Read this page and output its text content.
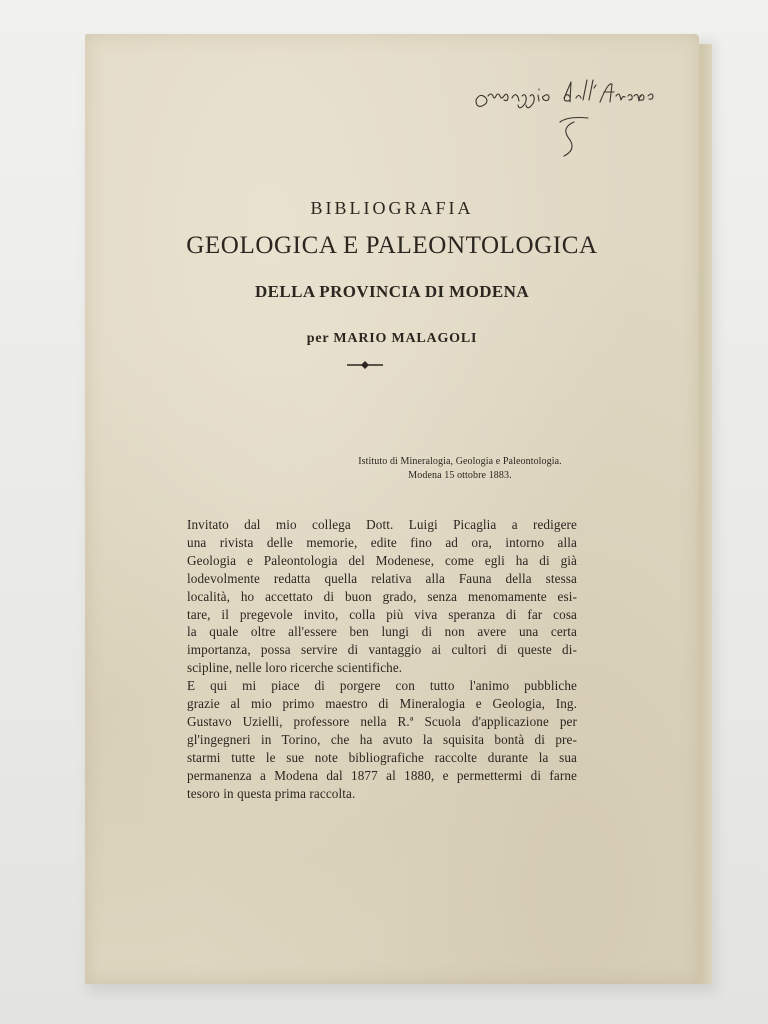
BIBLIOGRAFIA
GEOLOGICA E PALEONTOLOGICA
DELLA PROVINCIA DI MODENA
per MARIO MALAGOLI
Istituto di Mineralogia, Geologia e Paleontologia.
Modena 15 ottobre 1883.
Invitato dal mio collega Dott. Luigi Picaglia a redigere
una rivista delle memorie, edite fino ad ora, intorno alla
Geologia e Paleontologia del Modenese, come egli ha di già
lodevolmente redatta quella relativa alla Fauna della stessa
località, ho accettato di buon grado, senza menomamente esi-
tare, il pregevole invito, colla più viva speranza di far cosa
la quale oltre all'essere ben lungi di non avere una certa
importanza, possa servire di vantaggio ai cultori di queste di-
scipline, nelle loro ricerche scientifiche.
E qui mi piace di porgere con tutto l'animo pubbliche
grazie al mio primo maestro di Mineralogia e Geologia, Ing.
Gustavo Uzielli, professore nella R.ª Scuola d'applicazione per
gl'ingegneri in Torino, che ha avuto la squisita bontà di pre-
starmi tutte le sue note bibliografiche raccolte durante la sua
permanenza a Modena dal 1877 al 1880, e permettermi di farne
tesoro in questa prima raccolta.
